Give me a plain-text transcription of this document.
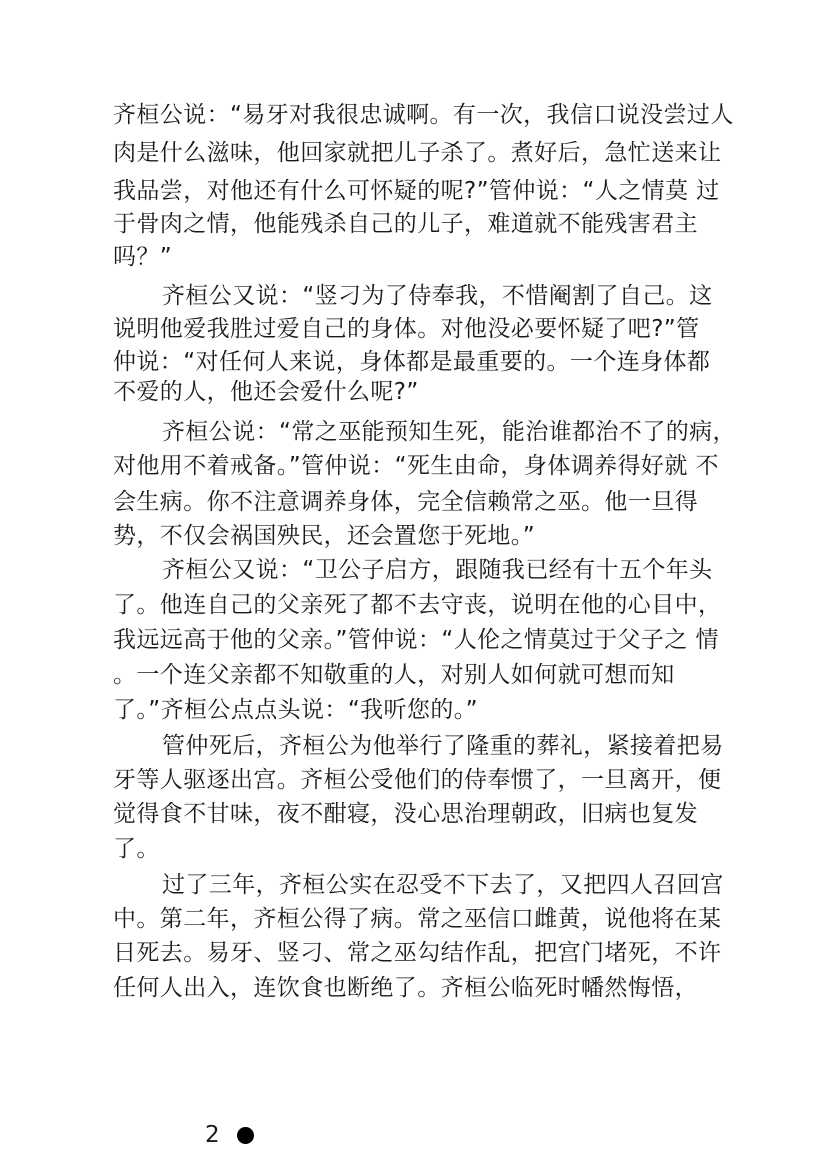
齐桓公说：“易牙对我很忠诚啊。有一次，我信口说没尝过人
肉是什么滋味，他回家就把儿子杀了。煮好后，急忙送来让
我品尝，对他还有什么可怀疑的呢?”管仲说：“人之情莫 过
于骨肉之情，他能残杀自己的儿子，难道就不能残害君主
吗？”
齐桓公又说：“竖刁为了侍奉我，不惜阉割了自己。这
说明他爱我胜过爱自己的身体。对他没必要怀疑了吧?”管
仲说：“对任何人来说，身体都是最重要的。一个连身体都
不爱的人，他还会爱什么呢?”
齐桓公说：“常之巫能预知生死，能治谁都治不了的病，
对他用不着戒备。”管仲说：“死生由命，身体调养得好就 不
会生病。你不注意调养身体，完全信赖常之巫。他一旦得
势，不仅会祸国殃民，还会置您于死地。”
齐桓公又说：“卫公子启方，跟随我已经有十五个年头
了。他连自己的父亲死了都不去守丧，说明在他的心目中，
我远远高于他的父亲。”管仲说：“人伦之情莫过于父子之 情
。一个连父亲都不知敬重的人，对别人如何就可想而知
了。”齐桓公点点头说：“我听您的。”
管仲死后，齐桓公为他举行了隆重的葬礼，紧接着把易
牙等人驱逐出宫。齐桓公受他们的侍奉惯了，一旦离开，便
觉得食不甘味，夜不酣寝，没心思治理朝政，旧病也复发
了。
过了三年，齐桓公实在忍受不下去了，又把四人召回宫
中。第二年，齐桓公得了病。常之巫信口雌黄，说他将在某
日死去。易牙、竖刁、常之巫勾结作乱，把宫门堵死，不许
任何人出入，连饮食也断绝了。齐桓公临死时幡然悔悟，
2
